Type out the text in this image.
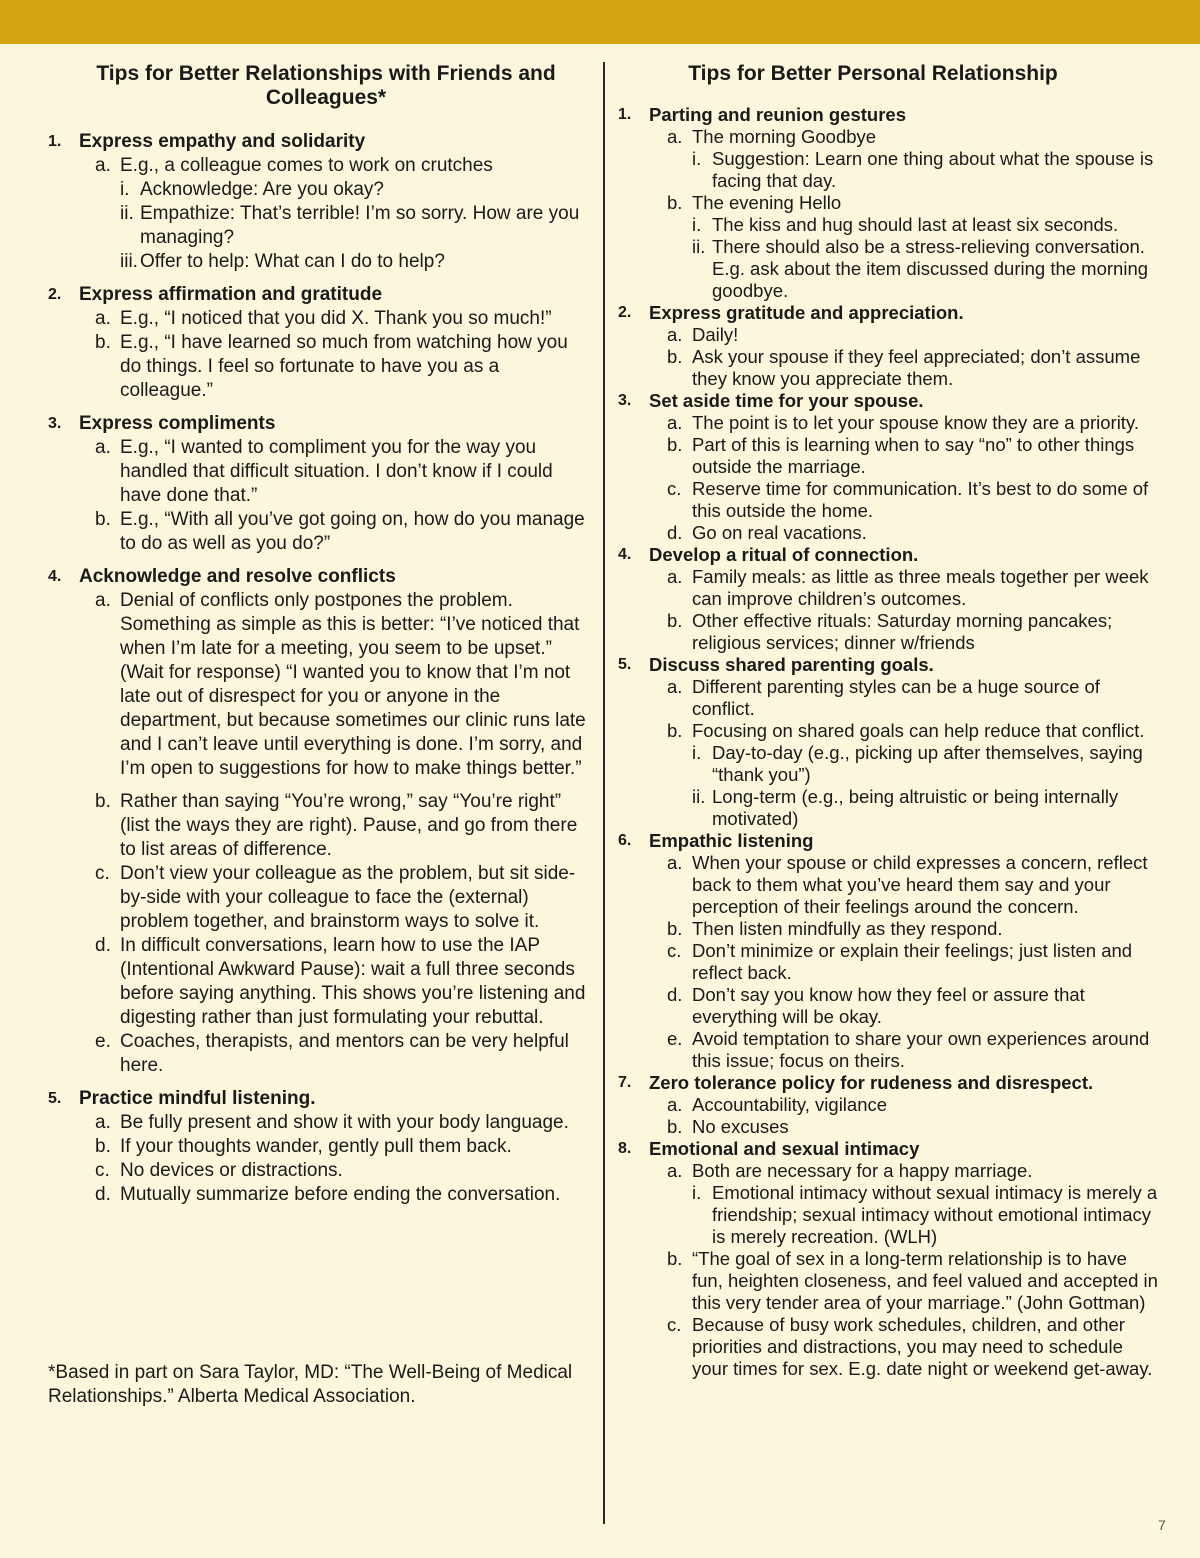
Tips for Better Relationships with Friends and Colleagues*
1. Express empathy and solidarity
a. E.g., a colleague comes to work on crutches
i. Acknowledge: Are you okay?
ii. Empathize: That’s terrible! I’m so sorry. How are you managing?
iii. Offer to help: What can I do to help?
2. Express affirmation and gratitude
a. E.g., “I noticed that you did X. Thank you so much!”
b. E.g., “I have learned so much from watching how you do things. I feel so fortunate to have you as a colleague.”
3. Express compliments
a. E.g., “I wanted to compliment you for the way you handled that difficult situation. I don’t know if I could have done that.”
b. E.g., “With all you’ve got going on, how do you manage to do as well as you do?”
4. Acknowledge and resolve conflicts
a. Denial of conflicts only postpones the problem. Something as simple as this is better: “I’ve noticed that when I’m late for a meeting, you seem to be upset.” (Wait for response) “I wanted you to know that I’m not late out of disrespect for you or anyone in the department, but because sometimes our clinic runs late and I can’t leave until everything is done. I’m sorry, and I’m open to suggestions for how to make things better.”
b. Rather than saying “You’re wrong,” say “You’re right” (list the ways they are right). Pause, and go from there to list areas of difference.
c. Don’t view your colleague as the problem, but sit side-by-side with your colleague to face the (external) problem together, and brainstorm ways to solve it.
d. In difficult conversations, learn how to use the IAP (Intentional Awkward Pause): wait a full three seconds before saying anything. This shows you’re listening and digesting rather than just formulating your rebuttal.
e. Coaches, therapists, and mentors can be very helpful here.
5. Practice mindful listening.
a. Be fully present and show it with your body language.
b. If your thoughts wander, gently pull them back.
c. No devices or distractions.
d. Mutually summarize before ending the conversation.
*Based in part on Sara Taylor, MD: “The Well-Being of Medical Relationships.” Alberta Medical Association.
Tips for Better Personal Relationship
1. Parting and reunion gestures
a. The morning Goodbye
i. Suggestion: Learn one thing about what the spouse is facing that day.
b. The evening Hello
i. The kiss and hug should last at least six seconds.
ii. There should also be a stress-relieving conversation. E.g. ask about the item discussed during the morning goodbye.
2. Express gratitude and appreciation.
a. Daily!
b. Ask your spouse if they feel appreciated; don’t assume they know you appreciate them.
3. Set aside time for your spouse.
a. The point is to let your spouse know they are a priority.
b. Part of this is learning when to say “no” to other things outside the marriage.
c. Reserve time for communication. It’s best to do some of this outside the home.
d. Go on real vacations.
4. Develop a ritual of connection.
a. Family meals: as little as three meals together per week can improve children’s outcomes.
b. Other effective rituals: Saturday morning pancakes; religious services; dinner w/friends
5. Discuss shared parenting goals.
a. Different parenting styles can be a huge source of conflict.
b. Focusing on shared goals can help reduce that conflict.
i. Day-to-day (e.g., picking up after themselves, saying “thank you”)
ii. Long-term (e.g., being altruistic or being internally motivated)
6. Empathic listening
a. When your spouse or child expresses a concern, reflect back to them what you’ve heard them say and your perception of their feelings around the concern.
b. Then listen mindfully as they respond.
c. Don’t minimize or explain their feelings; just listen and reflect back.
d. Don’t say you know how they feel or assure that everything will be okay.
e. Avoid temptation to share your own experiences around this issue; focus on theirs.
7. Zero tolerance policy for rudeness and disrespect.
a. Accountability, vigilance
b. No excuses
8. Emotional and sexual intimacy
a. Both are necessary for a happy marriage.
i. Emotional intimacy without sexual intimacy is merely a friendship; sexual intimacy without emotional intimacy is merely recreation. (WLH)
b. “The goal of sex in a long-term relationship is to have fun, heighten closeness, and feel valued and accepted in this very tender area of your marriage.” (John Gottman)
c. Because of busy work schedules, children, and other priorities and distractions, you may need to schedule your times for sex. E.g. date night or weekend get-away.
7
